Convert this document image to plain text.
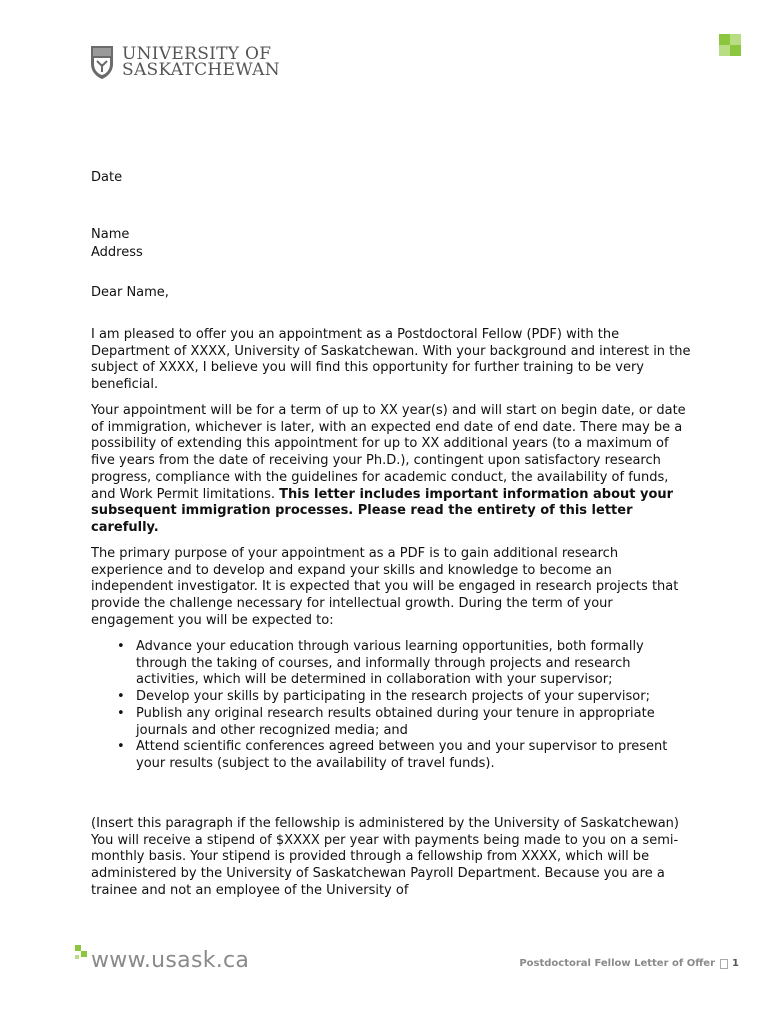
UNIVERSITY OF
SASKATCHEWAN
Date
Name
Address
Dear Name,

I am pleased to offer you an appointment as a Postdoctoral Fellow (PDF) with the Department of XXXX, University of Saskatchewan. With your background and interest in the subject of XXXX, I believe you will find this opportunity for further training to be very beneficial.

Your appointment will be for a term of up to XX year(s) and will start on begin date, or date of immigration, whichever is later, with an expected end date of end date. There may be a possibility of extending this appointment for up to XX additional years (to a maximum of five years from the date of receiving your Ph.D.), contingent upon satisfactory research progress, compliance with the guidelines for academic conduct, the availability of funds, and Work Permit limitations. This letter includes important information about your subsequent immigration processes. Please read the entirety of this letter carefully.

The primary purpose of your appointment as a PDF is to gain additional research experience and to develop and expand your skills and knowledge to become an independent investigator. It is expected that you will be engaged in research projects that provide the challenge necessary for intellectual growth. During the term of your engagement you will be expected to:

• Advance your education through various learning opportunities, both formally through the taking of courses, and informally through projects and research activities, which will be determined in collaboration with your supervisor;
• Develop your skills by participating in the research projects of your supervisor;
• Publish any original research results obtained during your tenure in appropriate journals and other recognized media; and
• Attend scientific conferences agreed between you and your supervisor to present your results (subject to the availability of travel funds).

(Insert this paragraph if the fellowship is administered by the University of Saskatchewan) You will receive a stipend of $XXXX per year with payments being made to you on a semi-monthly basis. Your stipend is provided through a fellowship from XXXX, which will be administered by the University of Saskatchewan Payroll Department. Because you are a trainee and not an employee of the University of

www.usask.ca	Postdoctoral Fellow Letter of Offer 1
